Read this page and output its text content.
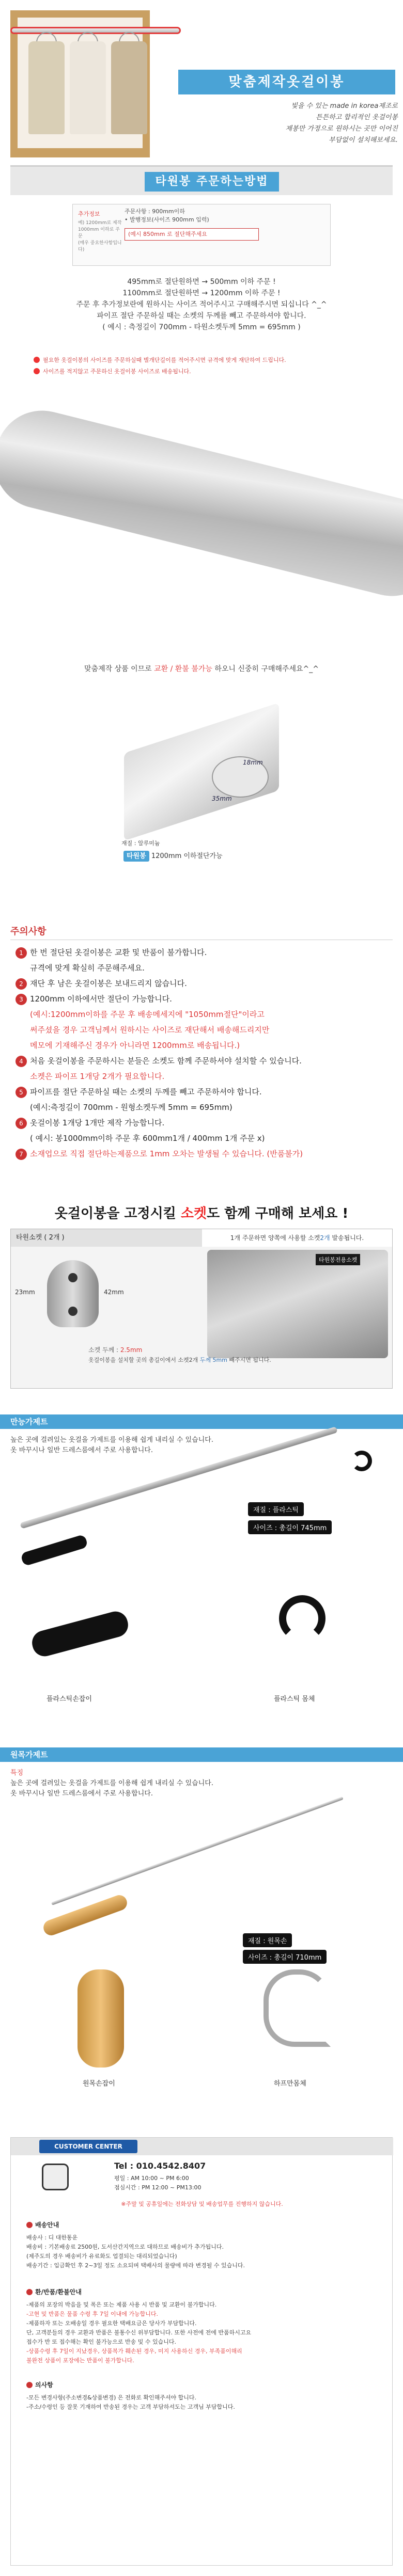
맞춤제작옷걸이봉
빛을 수 있는 made in korea제조로
튼튼하고 합리적인 옷걸이봉
제봉만 가정으로 원하시는 곳만 이어진
부담없이 설치해보세요.
타원봉 주문하는방법
추가정보
예) 1200mm로 제작
1000mm 이하로 주문
(매우 중요한사항입니다)
주문사항 : 900mm이하
• 발행정보(사이즈 900mm 입력)
(예시 850mm 로 절단해주세요
495mm로 절단원하면 → 500mm 이하 주문 !
1100mm로 절단원하면 → 1200mm 이하 주문 !
주문 후 추가정보란에 원하시는 사이즈 적어주시고 구매해주시면 되십니다 ^_^
파이프 절단 주문하실 때는 소켓의 두께를 빼고 주문하셔야 합니다.
( 예시 : 측정길이 700mm - 타원소켓두께 5mm = 695mm )
필요한 옷걸이봉의 사이즈를 주문하실때 별개단길이를 적어주시면 규격에 맞게 재단하여 드립니다.
사이즈를 적지않고 주문하신 옷걸이봉 사이즈로 배송됩니다.
맞춤제작 상품 이므로 교환 / 환불 불가능 하오니 신중히 구매해주세요^_^
18mm
35mm
재질 : 알루미늄
타원봉 1200mm 이하절단가능
주의사항
1 한 번 절단된 옷걸이봉은 교환 및 반품이 불가합니다.
규격에 맞게 확실히 주문해주세요.
2 재단 후 남은 옷걸이봉은 보내드리지 않습니다.
3 1200mm 이하에서만 절단이 가능합니다.
(예시:1200mm이하를 주문 후 배송메세지에 "1050mm절단"이라고
써주셨을 경우 고객님께서 원하시는 사이즈로 재단해서 배송해드리지만
메모에 기재해주신 경우가 아니라면 1200mm로 배송됩니다.)
4 처음 옷걸이봉을 주문하시는 분들은 소켓도 함께 주문하셔야 설치할 수 있습니다.
소켓은 파이프 1개당 2개가 필요합니다.
5 파이프를 절단 주문하실 때는 소켓의 두께를 빼고 주문하셔야 합니다.
(예시:측정길이 700mm - 원형소켓두께 5mm = 695mm)
6 옷걸이봉 1개당 1개만 제작 가능합니다.
( 예시: 봉1000mm이하 주문 후 600mm1개 / 400mm 1개 주문 x)
7 소재업으로 직접 절단하는제품으로 1mm 오차는 발생될 수 있습니다. (반품불가)
옷걸이봉을 고정시킬 소켓도 함께 구매해 보세요 !
타원소켓 ( 2개 )	1개 주문하면 양쪽에 사용할 소켓2개 발송됩니다.
42mm
23mm
타원봉전용소켓
소켓 두께 : 2.5mm
옷걸이봉을 설치할 곳의 총길이에서 소켓2개 두께 5mm 빼주시면 됩니다.
만능가제트
높은 곳에 걸려있는 옷걸을 가제트를 이용해 쉽게 내리실 수 있습니다.
옷 바꾸시나 일반 드레스룸에서 주로 사용합니다.
재질 : 플라스틱
사이즈 : 총길이 745mm
플라스틱손잡이	플라스틱 몸체
원목가제트
특징
높은 곳에 걸려있는 옷걸을 가제트를 이용해 쉽게 내리실 수 있습니다.
옷 바꾸시나 일반 드레스룸에서 주로 사용합니다.
재질 : 원목손
사이즈 : 총길이 710mm
원목손잡이	하프만몸체
CUSTOMER CENTER
Tel : 010.4542.8407
평일 : AM 10:00 ~ PM 6:00
점심시간 : PM 12:00 ~ PM13:00
※주말 및 공휴일에는 전화상담 및 배송업무를 진행하지 않습니다.
배송안내
배송사 : 디 대한통운
배송비 : 기본배송료 2500원, 도서산간지역으로 대하므로 배송비가 추가됩니다.
(제주도의 경우 배송비가 유료화도 업결되는 대리되었습니다)
배송기간 : 입금확인 후 2~3일 정도 소요되며 택배사의 물량에 따라 변경될 수 있습니다.
환/반품/환불안내
-제품의 포장의 박음을 및 폭은 또는 제품 사용 시 반품 및 교환이 불가합니다.
-고현 및 반품은 물품 수령 후 7일 이내에 가능합니다.
-제품하자 또는 오배송일 경우 필요한 택배요금은 당사가 부담합니다.
단, 고객분들의 경우 교환과 반품은 불통수신 위부담합니다. 또한 사전에 전에 반품하시고요
접수가 반 또 접수해는 확인 불가능으로 반송 및 수 있습니다.
-상품수령 후 7일이 지났경우, 상품복가 훼손된 경우, 미지 사용하신 경우, 부족품이해리
불완전 상품이 포장에는 반품이 불가합니다.
의사항
-모든 변경사항(주소변경&상품변경) 은 전화로 확인해주셔야 합니다.
-주소/수령인 등 잘못 기재하여 반송된 경우는 고객 부담하셔도는 고객님 부담합니다.
